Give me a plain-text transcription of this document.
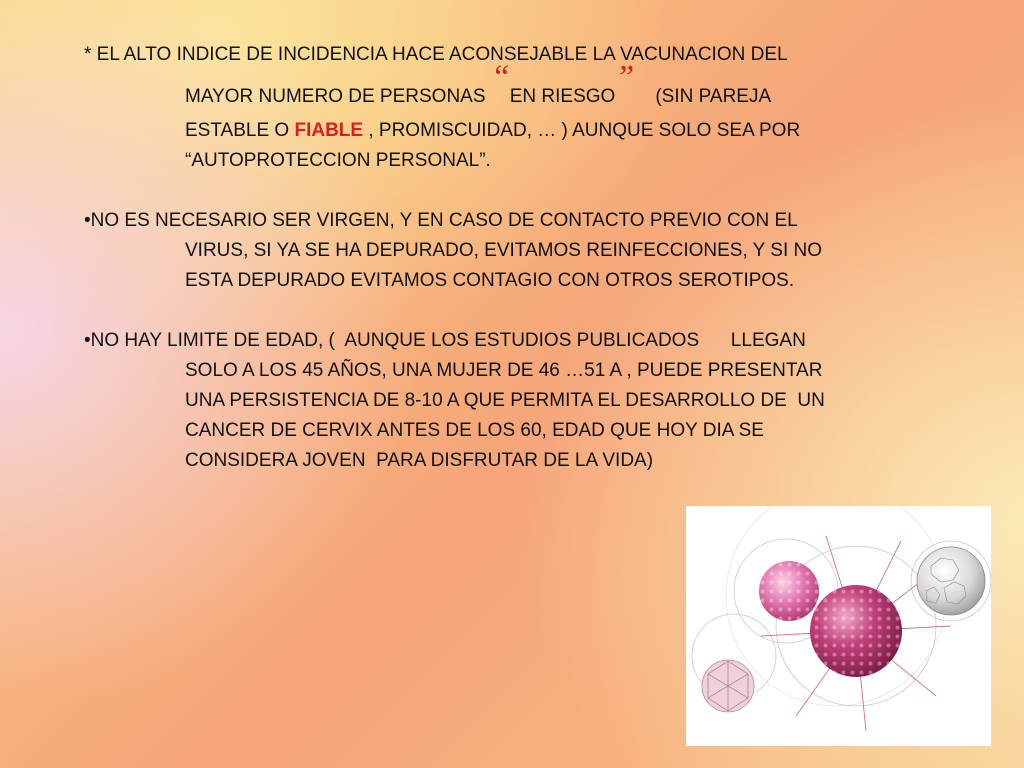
* EL ALTO INDICE DE INCIDENCIA HACE ACONSEJABLE LA VACUNACION DEL
MAYOR NUMERO DE PERSONAS “EN RIESGO”    (SIN PAREJA
ESTABLE O FIABLE , PROMISCUIDAD, … ) AUNQUE SOLO SEA POR
“AUTOPROTECCION PERSONAL”.
•NO ES NECESARIO SER VIRGEN, Y EN CASO DE CONTACTO PREVIO CON EL
VIRUS, SI YA SE HA DEPURADO, EVITAMOS REINFECCIONES, Y SI NO
ESTA DEPURADO EVITAMOS CONTAGIO CON OTROS SEROTIPOS.
•NO HAY LIMITE DE EDAD, (  AUNQUE LOS ESTUDIOS PUBLICADOS      LLEGAN
SOLO A LOS 45 AÑOS, UNA MUJER DE 46 …51 A , PUEDE PRESENTAR
UNA PERSISTENCIA DE 8-10 A QUE PERMITA EL DESARROLLO DE  UN
CANCER DE CERVIX ANTES DE LOS 60, EDAD QUE HOY DIA SE
CONSIDERA JOVEN  PARA DISFRUTAR DE LA VIDA)
